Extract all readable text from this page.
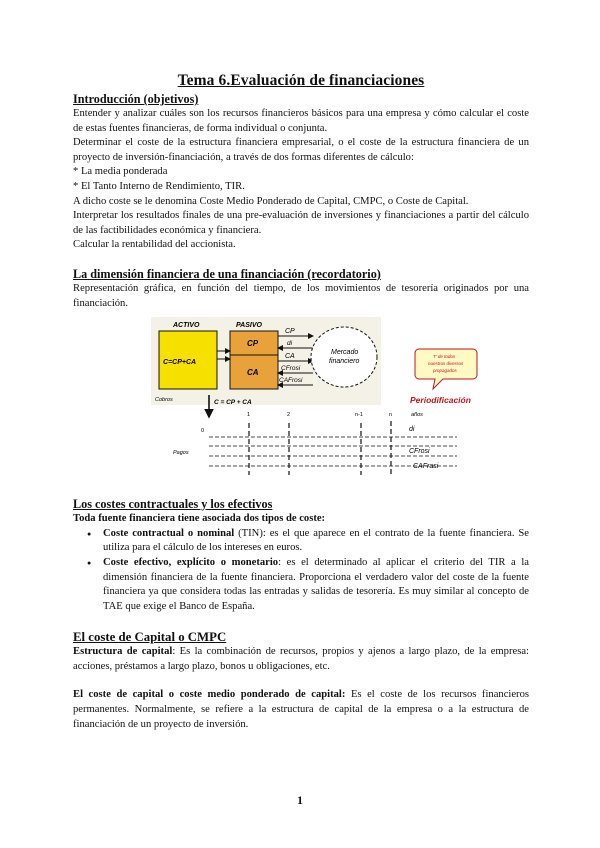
Tema 6.Evaluación de financiaciones
Introducción (objetivos)

Entender y analizar cuáles son los recursos financieros básicos para una empresa y cómo calcular el coste de estas fuentes financieras, de forma individual o conjunta.

Determinar el coste de la estructura financiera empresarial, o el coste de la estructura financiera de un proyecto de inversión-financiación, a través de dos formas diferentes de cálculo:

* La media ponderada

* El Tanto Interno de Rendimiento, TIR.

A dicho coste se le denomina Coste Medio Ponderado de Capital, CMPC, o Coste de Capital.

Interpretar los resultados finales de una pre-evaluación de inversiones y financiaciones a partir del cálculo de las factibilidades económica y financiera.

Calcular la rentabilidad del accionista.

La dimensión financiera de una financiación (recordatorio)

Representación gráfica, en función del tiempo, de los movimientos de tesorería originados por una financiación.

ACTIVO	PASIVO
C=CP+CA
CP
CA
CP
di
CA
CFrosi
CAFrosi
Mercado
financiero
T' de todos
nuestros diversos
propagados
Periodificación
Cobros
Pagos
0
C = CP + CA
1	2	n-1	n	años
di
CFrosi
CAFrasi
Los costes contractuales y los efectivos

Toda fuente financiera tiene asociada dos tipos de coste:

● Coste contractual o nominal (TIN): es el que aparece en el contrato de la fuente financiera. Se utiliza para el cálculo de los intereses en euros.
● Coste efectivo, explícito o monetario: es el determinado al aplicar el criterio del TIR a la dimensión financiera de la fuente financiera. Proporciona el verdadero valor del coste de la fuente financiera ya que considera todas las entradas y salidas de tesorería. Es muy similar al concepto de TAE que exige el Banco de España.
El coste de Capital o CMPC

Estructura de capital: Es la combinación de recursos, propios y ajenos a largo plazo, de la empresa: acciones, préstamos a largo plazo, bonos u obligaciones, etc.

El coste de capital o coste medio ponderado de capital: Es el coste de los recursos financieros permanentes. Normalmente, se refiere a la estructura de capital de la empresa o a la estructura de financiación de un proyecto de inversión.

1
